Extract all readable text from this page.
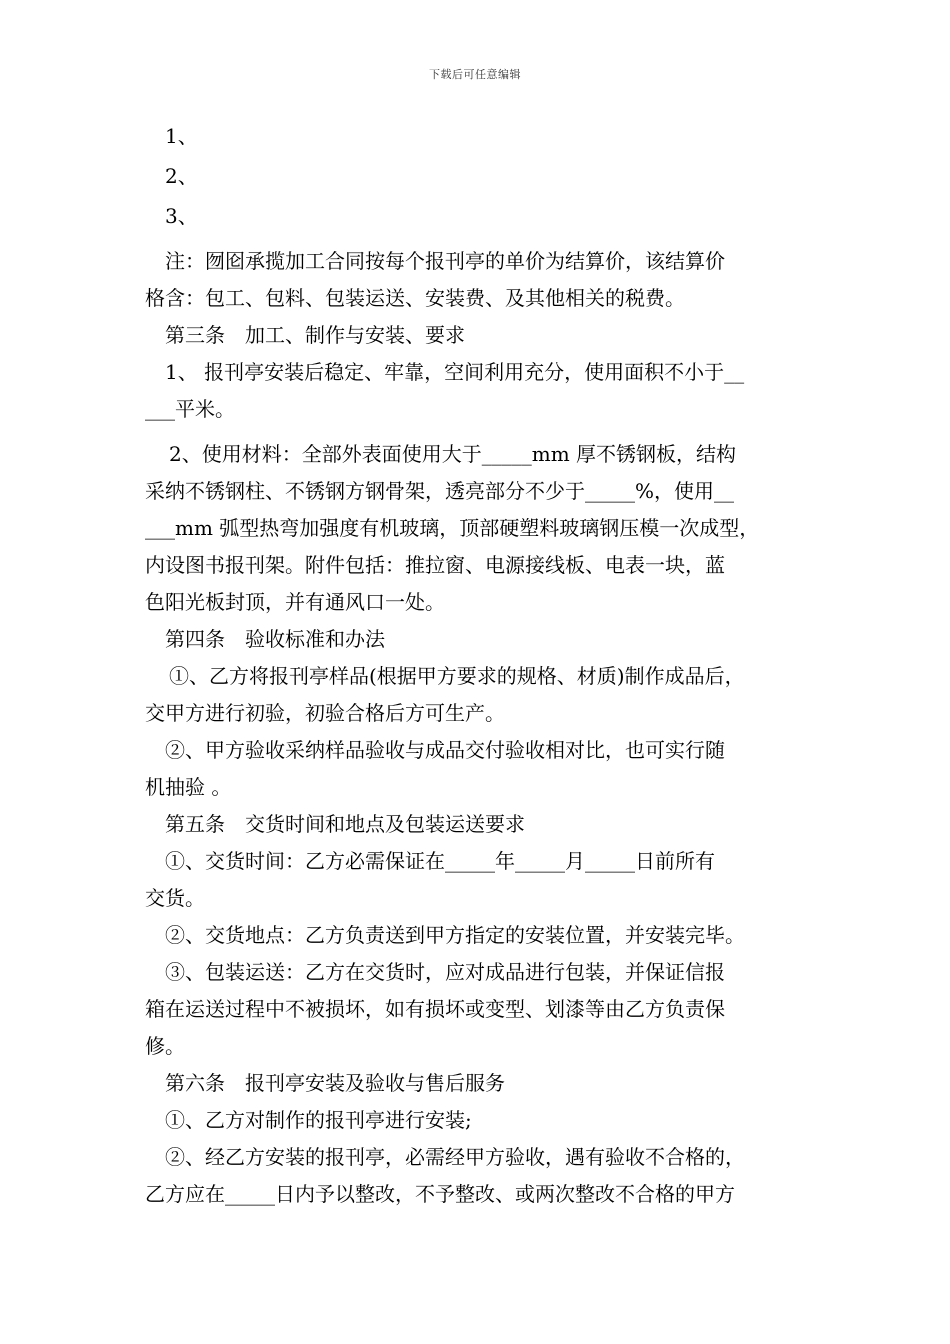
下载后可任意编辑
1、
2、
3、
注：囫囵承揽加工合同按每个报刊亭的单价为结算价，该结算价
格含：包工、包料、包装运送、安装费、及其他相关的税费。
第三条　加工、制作与安装、要求
1、 报刊亭安装后稳定、牢靠，空间利用充分，使用面积不小于__
___平米。
2、使用材料：全部外表面使用大于_____mm 厚不锈钢板，结构
采纳不锈钢柱、不锈钢方钢骨架，透亮部分不少于_____%，使用__
___mm 弧型热弯加强度有机玻璃，顶部硬塑料玻璃钢压模一次成型，
内设图书报刊架。附件包括：推拉窗、电源接线板、电表一块，蓝
色阳光板封顶，并有通风口一处。
第四条　验收标准和办法
①、乙方将报刊亭样品(根据甲方要求的规格、材质)制作成品后，
交甲方进行初验，初验合格后方可生产。
②、甲方验收采纳样品验收与成品交付验收相对比，也可实行随
机抽验 。
第五条　交货时间和地点及包装运送要求
①、交货时间：乙方必需保证在_____年_____月_____日前所有
交货。
②、交货地点：乙方负责送到甲方指定的安装位置，并安装完毕。
③、包装运送：乙方在交货时，应对成品进行包装，并保证信报
箱在运送过程中不被损坏，如有损坏或变型、划漆等由乙方负责保
修。
第六条　报刊亭安装及验收与售后服务
①、乙方对制作的报刊亭进行安装;
②、经乙方安装的报刊亭，必需经甲方验收，遇有验收不合格的，
乙方应在_____日内予以整改，不予整改、或两次整改不合格的甲方
